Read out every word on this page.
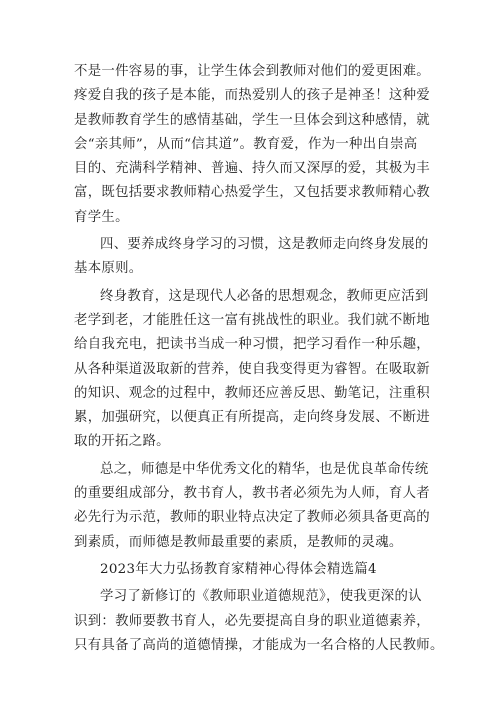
不是一件容易的事，让学生体会到教师对他们的爱更困难。
疼爱自我的孩子是本能，而热爱别人的孩子是神圣！这种爱
是教师教育学生的感情基础，学生一旦体会到这种感情，就
会“亲其师”，从而“信其道”。教育爱，作为一种出自崇高
目的、充满科学精神、普遍、持久而又深厚的爱，其极为丰
富，既包括要求教师精心热爱学生，又包括要求教师精心教
育学生。
四、要养成终身学习的习惯，这是教师走向终身发展的
基本原则。
终身教育，这是现代人必备的思想观念，教师更应活到
老学到老，才能胜任这一富有挑战性的职业。我们就不断地
给自我充电，把读书当成一种习惯，把学习看作一种乐趣，
从各种渠道汲取新的营养，使自我变得更为睿智。在吸取新
的知识、观念的过程中，教师还应善反思、勤笔记，注重积
累，加强研究，以便真正有所提高，走向终身发展、不断进
取的开拓之路。
总之，师德是中华优秀文化的精华，也是优良革命传统
的重要组成部分，教书育人，教书者必须先为人师，育人者
必先行为示范，教师的职业特点决定了教师必须具备更高的
到素质，而师德是教师最重要的素质，是教师的灵魂。
2023年大力弘扬教育家精神心得体会精选篇4
学习了新修订的《教师职业道德规范》，使我更深的认
识到：教师要教书育人，必先要提高自身的职业道德素养，
只有具备了高尚的道德情操，才能成为一名合格的人民教师。
